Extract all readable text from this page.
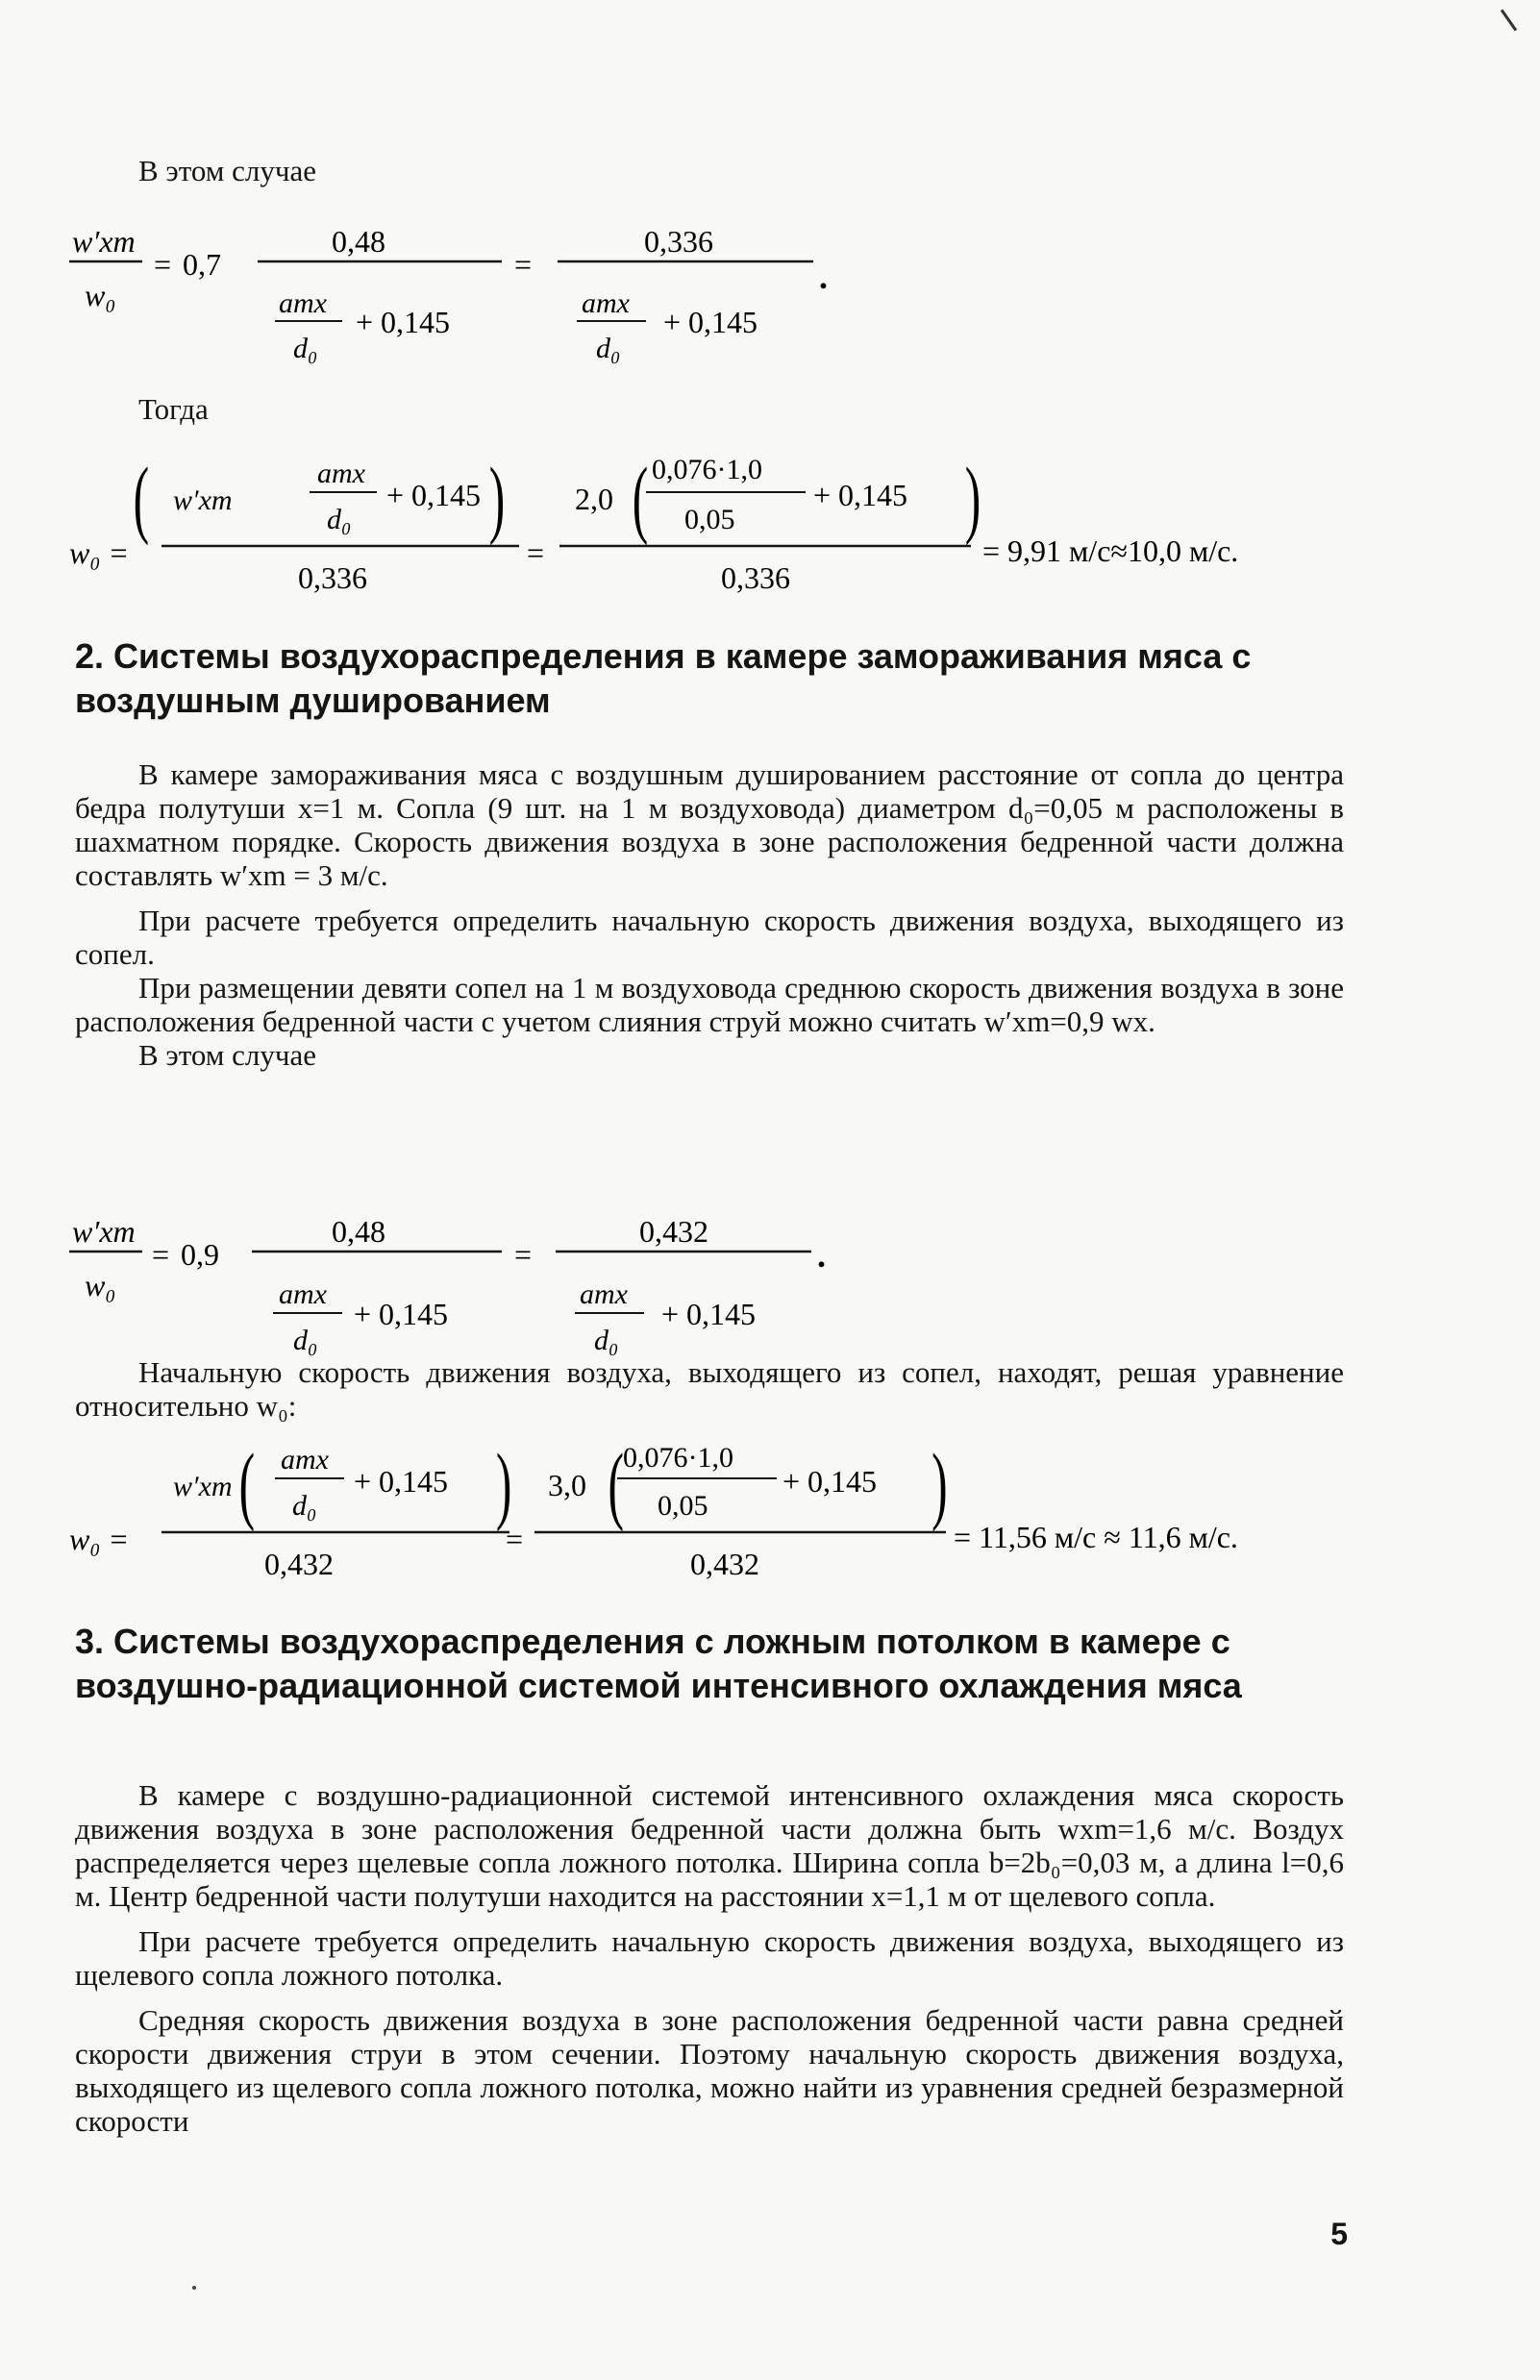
В этом случае

w′xm
w₀
= 0,7
0,48
aтx
d₀
+ 0,145
=
0,336
aтx
d₀
+ 0,145
.

Тогда

w₀ =
w′xm
(	aтx
d₀
+ 0,145 )
0,336
=
2,0 ( 0,076·1,0
0,05
+ 0,145 )
0,336
= 9,91 м/с≈10,0 м/с.
2. Системы воздухораспределения в камере замораживания мяса с воздушным душированием

В камере замораживания мяса с воздушным душированием расстояние от сопла до центра бедра полутуши x=1 м. Сопла (9 шт. на 1 м воздуховода) диаметром d₀=0,05 м расположены в шахматном порядке. Скорость движения воздуха в зоне расположения бедренной части должна составлять w′xm = 3 м/с.

При расчете требуется определить начальную скорость движения воздуха, выходящего из сопел.

При размещении девяти сопел на 1 м воздуховода среднюю скорость движения воздуха в зоне расположения бедренной части с учетом слияния струй можно считать w′xm=0,9 wx.

В этом случае

w′xm
w₀
= 0,9
0,48
aтx
d₀
+ 0,145
=
0,432
aтx
d₀
+ 0,145
.

Начальную скорость движения воздуха, выходящего из сопел, находят, решая уравнение относительно w₀:

w₀ =
w′xm ( aтx
d₀
+ 0,145 )
0,432
=
3,0 ( 0,076·1,0
0,05
+ 0,145 )
0,432
= 11,56 м/с ≈ 11,6 м/с.
3. Системы воздухораспределения с ложным потолком в камере с воздушно-радиационной системой интенсивного охлаждения мяса

В камере с воздушно-радиационной системой интенсивного охлаждения мяса скорость движения воздуха в зоне расположения бедренной части должна быть wxm=1,6 м/с. Воздух распределяется через щелевые сопла ложного потолка. Ширина сопла b=2b₀=0,03 м, а длина l=0,6 м. Центр бедренной части полутуши находится на расстоянии x=1,1 м от щелевого сопла.

При расчете требуется определить начальную скорость движения воздуха, выходящего из щелевого сопла ложного потолка.

Средняя скорость движения воздуха в зоне расположения бедренной части равна средней скорости движения струи в этом сечении. Поэтому начальную скорость движения воздуха, выходящего из щелевого сопла ложного потолка, можно найти из уравнения средней безразмерной скорости

5
